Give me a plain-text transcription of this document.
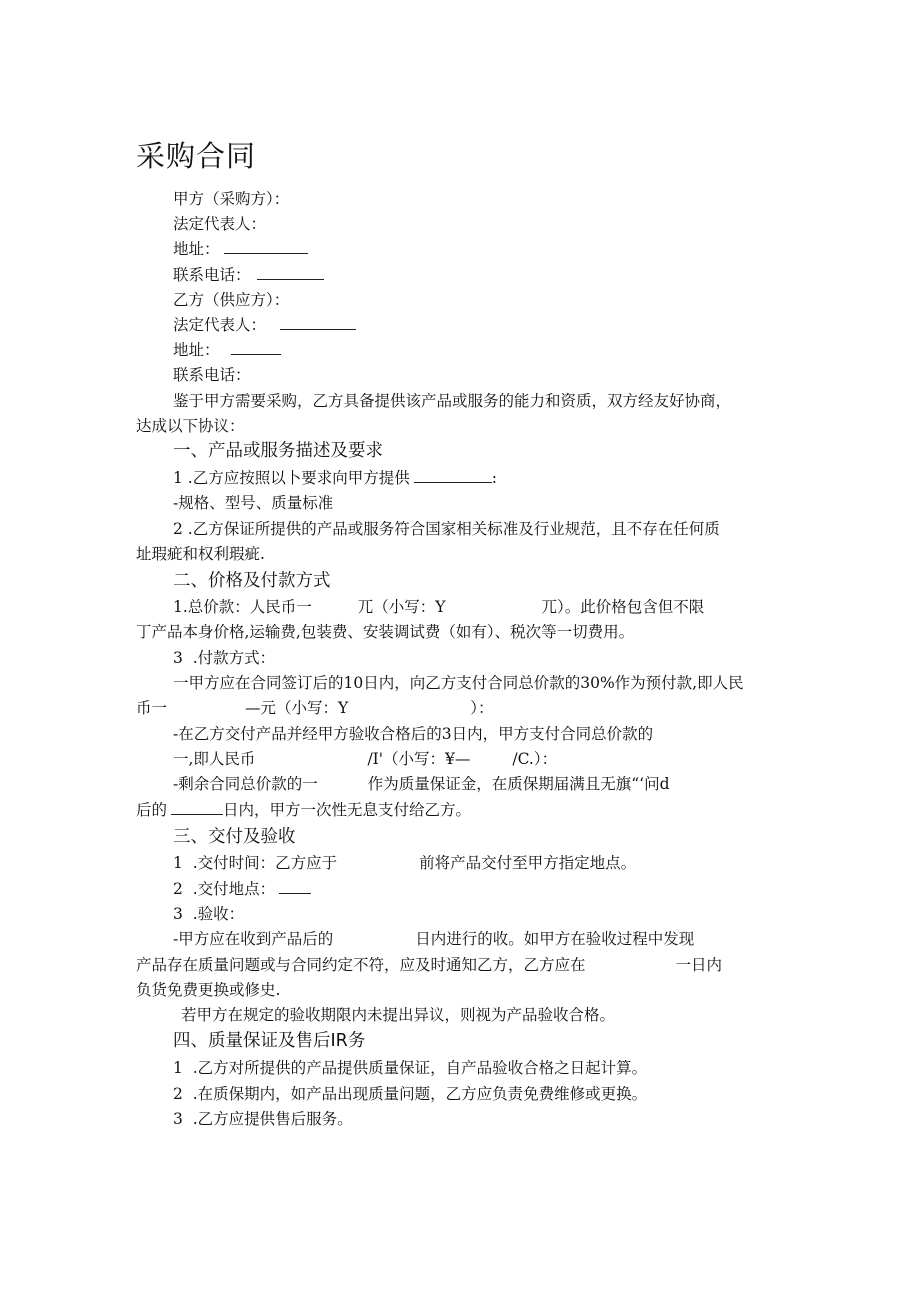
采购合同
甲方（采购方）：
法定代表人：
地址：
联系电话：
乙方（供应方）：
法定代表人：
地址：
联系电话：
鉴于甲方需要采购，乙方具备提供该产品或服务的能力和资质，双方经友好协商，
达成以下协议：
一、产品或服务描述及要求
1 .乙方应按照以卜要求向甲方提供	:
-规格、型号、质量标准
2 .乙方保证所提供的产品或服务符合国家相关标准及行业规范，且不存在任何质
址瑕疵和权利瑕疵.
二、价格及付款方式
1.总价款：人民币一	兀（小写：Y	兀）。此价格包含但不限
丁产品本身价格,运输费,包装费、安装调试费（如有）、税次等一切费用。
3  .付款方式：
一甲方应在合同签订后的10日内，向乙方支付合同总价款的30%作为预付款,即人民
币一	—元（小写：Y	）：
-在乙方交付产品并经甲方验收合格后的3日内，甲方支付合同总价款的
一,即人民币	/I'（小写：¥—	/C.）：
-剩余合同总价款的一	作为质量保证金，在质保期届满且无旗“‘问d
后的	日内，甲方一次性无息支付给乙方。
三、交付及验收
1  .交付时间：乙方应于	前将产品交付至甲方指定地点。
2  .交付地点：
3  .验收：
-甲方应在收到产品后的	日内进行的收。如甲方在验收过程中发现
产品存在质量问题或与合同约定不符，应及时通知乙方，乙方应在	一日内
负货免费更换或修史.
若甲方在规定的验收期限内未提出异议，则视为产品验收合格。
四、质量保证及售后IR务
1  .乙方对所提供的产品提供质量保证，自产品验收合格之日起计算。
2  .在质保期内，如产品出现质量问题，乙方应负责免费维修或更换。
3  .乙方应提供售后服务。
